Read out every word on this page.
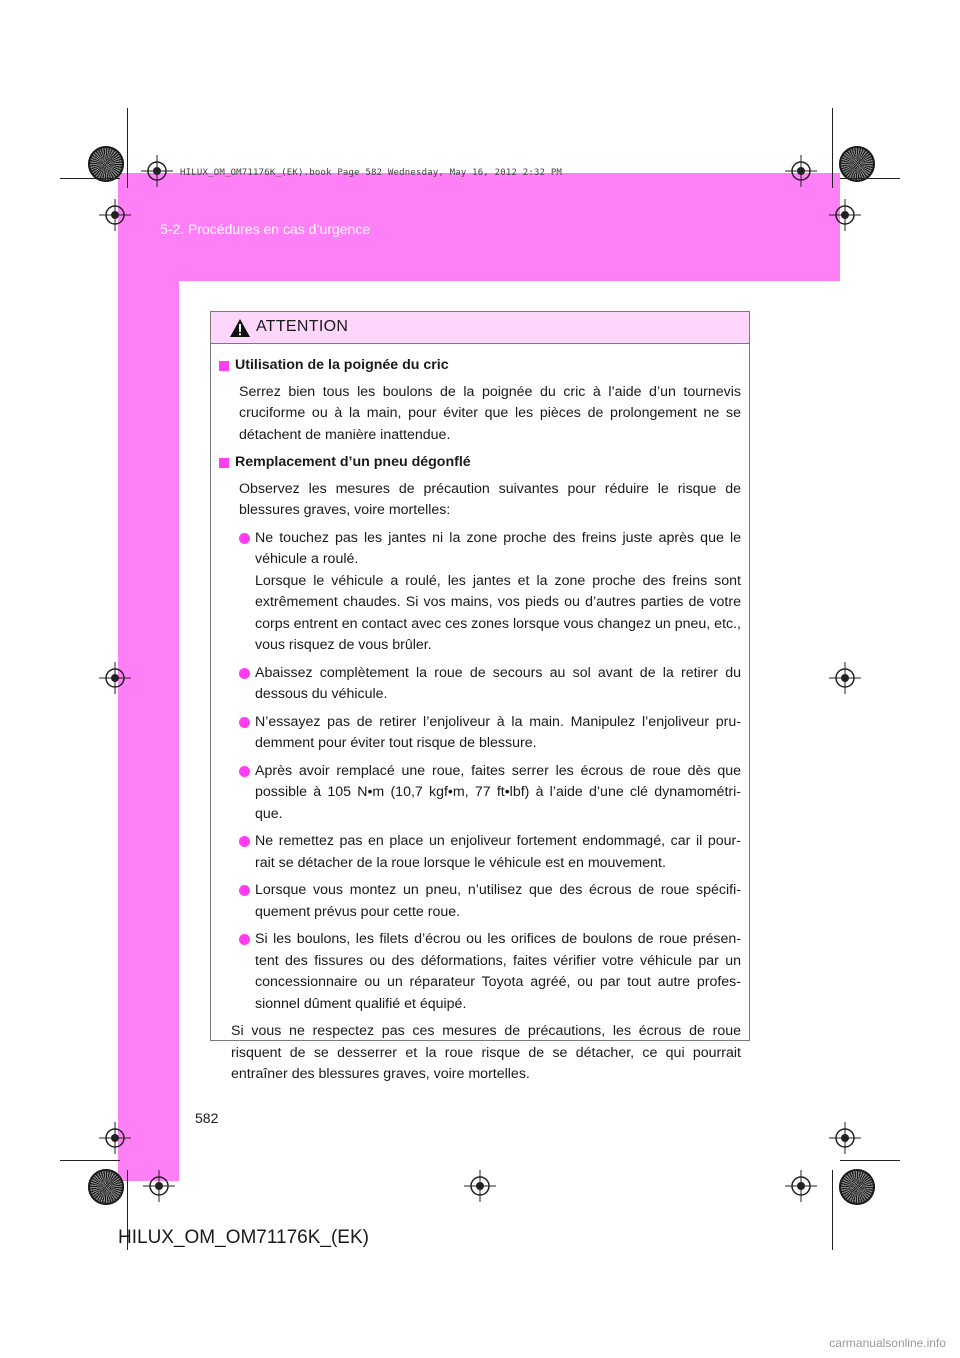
HILUX_OM_OM71176K_(EK).book Page 582 Wednesday, May 16, 2012 2:32 PM
5-2. Procédures en cas d’urgence
ATTENTION
Utilisation de la poignée du cric
Serrez bien tous les boulons de la poignée du cric à l’aide d’un tournevis cruciforme ou à la main, pour éviter que les pièces de prolongement ne se détachent de manière inattendue.
Remplacement d’un pneu dégonflé
Observez les mesures de précaution suivantes pour réduire le risque de blessures graves, voire mortelles:
Ne touchez pas les jantes ni la zone proche des freins juste après que le véhicule a roulé.
Lorsque le véhicule a roulé, les jantes et la zone proche des freins sont extrêmement chaudes. Si vos mains, vos pieds ou d’autres parties de votre corps entrent en contact avec ces zones lorsque vous changez un pneu, etc., vous risquez de vous brûler.
Abaissez complètement la roue de secours au sol avant de la retirer du dessous du véhicule.
N’essayez pas de retirer l’enjoliveur à la main. Manipulez l’enjoliveur pru-demment pour éviter tout risque de blessure.
Après avoir remplacé une roue, faites serrer les écrous de roue dès que possible à 105 N•m (10,7 kgf•m, 77 ft•lbf) à l’aide d’une clé dynamométri-que.
Ne remettez pas en place un enjoliveur fortement endommagé, car il pour-rait se détacher de la roue lorsque le véhicule est en mouvement.
Lorsque vous montez un pneu, n’utilisez que des écrous de roue spécifi-quement prévus pour cette roue.
Si les boulons, les filets d’écrou ou les orifices de boulons de roue présen-tent des fissures ou des déformations, faites vérifier votre véhicule par un concessionnaire ou un réparateur Toyota agréé, ou par tout autre profes-sionnel dûment qualifié et équipé.
Si vous ne respectez pas ces mesures de précautions, les écrous de roue risquent de se desserrer et la roue risque de se détacher, ce qui pourrait entraîner des blessures graves, voire mortelles.
582
HILUX_OM_OM71176K_(EK)
carmanualsonline.info
